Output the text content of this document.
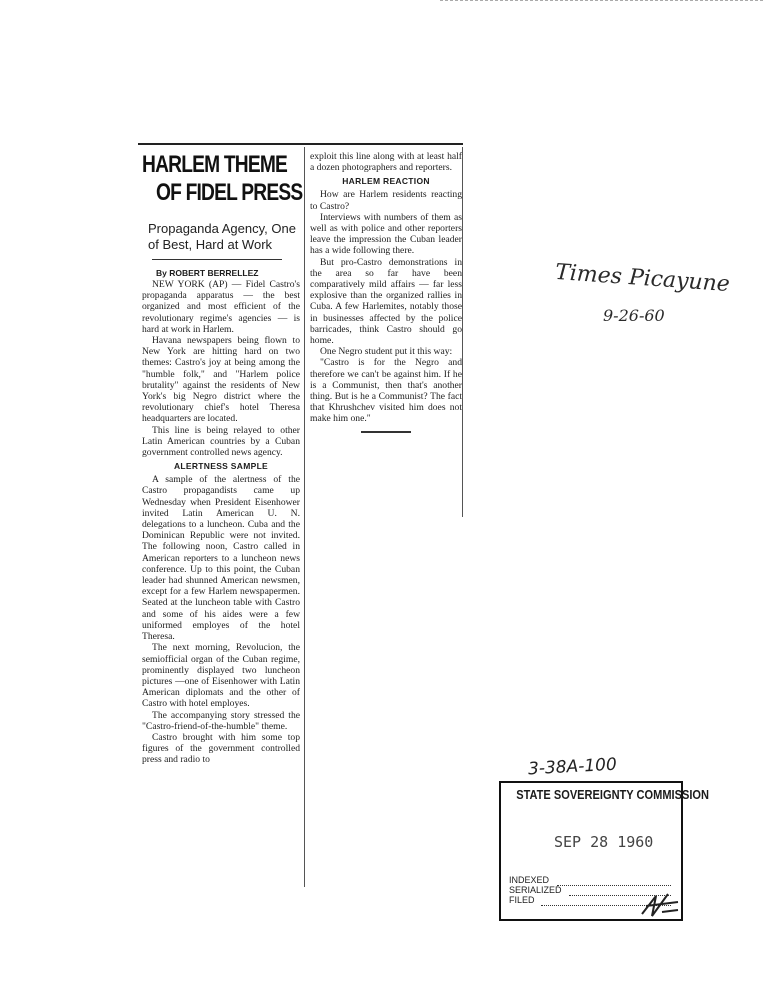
HARLEM THEME
OF FIDEL PRESS
Propaganda Agency, One of Best, Hard at Work
By ROBERT BERRELLEZ

NEW YORK (AP) — Fidel Castro's propaganda apparatus — the best organized and most efficient of the revolutionary regime's agencies — is hard at work in Harlem.

Havana newspapers being flown to New York are hitting hard on two themes: Castro's joy at being among the "humble folk," and "Harlem police brutality" against the residents of New York's big Negro district where the revolutionary chief's hotel Theresa headquarters are located.

This line is being relayed to other Latin American countries by a Cuban government controlled news agency.

ALERTNESS SAMPLE

A sample of the alertness of the Castro propagandists came up Wednesday when President Eisenhower invited Latin American U. N. delegations to a luncheon. Cuba and the Dominican Republic were not invited. The following noon, Castro called in American reporters to a luncheon news conference. Up to this point, the Cuban leader had shunned American newsmen, except for a few Harlem newspapermen. Seated at the luncheon table with Castro and some of his aides were a few uniformed employes of the hotel Theresa.

The next morning, Revolucion, the semiofficial organ of the Cuban regime, prominently displayed two luncheon pictures —one of Eisenhower with Latin American diplomats and the other of Castro with hotel employes.

The accompanying story stressed the "Castro-friend-of-the-humble" theme.

Castro brought with him some top figures of the government controlled press and radio to

exploit this line along with at least half a dozen photographers and reporters.

HARLEM REACTION

How are Harlem residents reacting to Castro?

Interviews with numbers of them as well as with police and other reporters leave the impression the Cuban leader has a wide following there.

But pro-Castro demonstrations in the area so far have been comparatively mild affairs — far less explosive than the organized rallies in Cuba. A few Harlemites, notably those in businesses affected by the police barricades, think Castro should go home.

One Negro student put it this way:

"Castro is for the Negro and therefore we can't be against him. If he is a Communist, then that's another thing. But is he a Communist? The fact that Khrushchev visited him does not make him one."

Times Picayune
9-26-60
3-38A-100
STATE SOVEREIGNTY COMMISSION
SEP 28 1960
INDEXED
SERIALIZED
FILED
